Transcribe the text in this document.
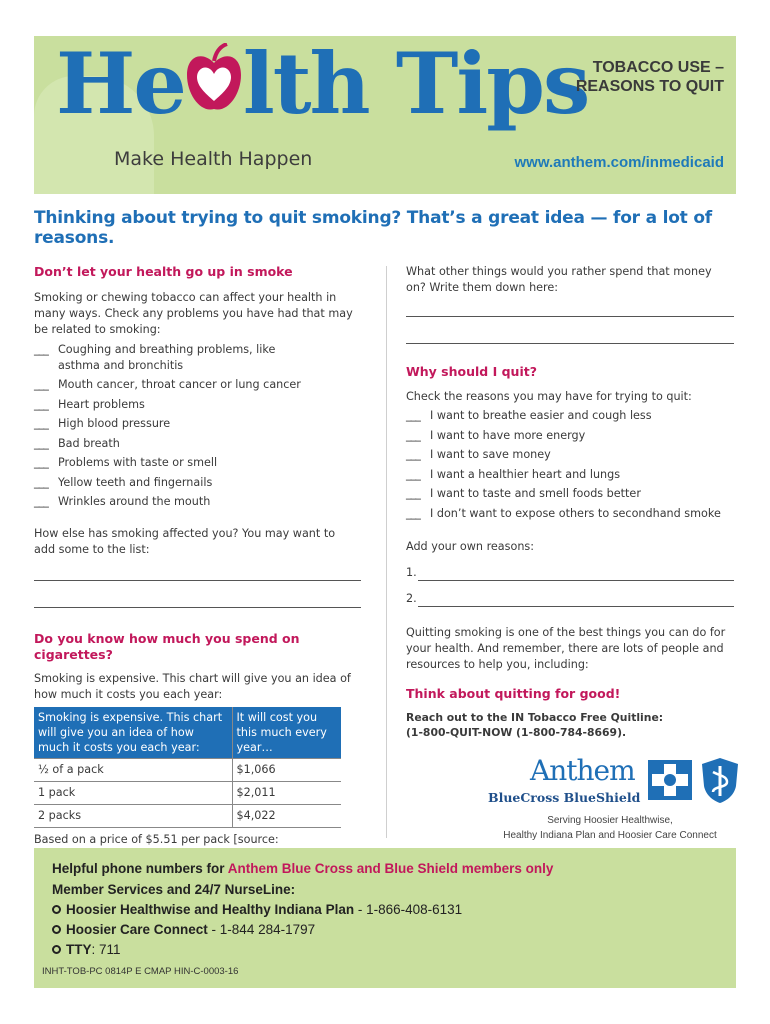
He lth Tips
Make Health Happen
TOBACCO USE –
REASONS TO QUIT
www.anthem.com/inmedicaid
Thinking about trying to quit smoking? That’s a great idea — for a lot of reasons.
Don’t let your health go up in smoke
Smoking or chewing tobacco can affect your health in many ways. Check any problems you have had that may be related to smoking:
___ Coughing and breathing problems, like asthma and bronchitis
___ Mouth cancer, throat cancer or lung cancer
___ Heart problems
___ High blood pressure
___ Bad breath
___ Problems with taste or smell
___ Yellow teeth and fingernails
___ Wrinkles around the mouth
How else has smoking affected you? You may want to add some to the list:
Do you know how much you spend on cigarettes?
Smoking is expensive. This chart will give you an idea of how much it costs you each year:
Smoking is expensive. This chart will give you an idea of how much it costs you each year:	It will cost you this much every year…
½ of a pack	$1,066
1 pack	$2,011
2 packs	$4,022
Based on a price of $5.51 per pack [source:
What other things would you rather spend that money on? Write them down here:
Why should I quit?
Check the reasons you may have for trying to quit:
___ I want to breathe easier and cough less
___ I want to have more energy
___ I want to save money
___ I want a healthier heart and lungs
___ I want to taste and smell foods better
___ I don’t want to expose others to secondhand smoke
Add your own reasons:
1.
2.
Quitting smoking is one of the best things you can do for your health. And remember, there are lots of people and resources to help you, including:
Think about quitting for good!
Reach out to the IN Tobacco Free Quitline:
(1-800-QUIT-NOW (1-800-784-8669).
Anthem
BlueCross BlueShield
Serving Hoosier Healthwise,
Healthy Indiana Plan and Hoosier Care Connect
Helpful phone numbers for Anthem Blue Cross and Blue Shield members only
Member Services and 24/7 NurseLine:
Hoosier Healthwise and Healthy Indiana Plan - 1-866-408-6131
Hoosier Care Connect - 1-844 284-1797
TTY: 711
INHT-TOB-PC 0814P E CMAP HIN-C-0003-16
